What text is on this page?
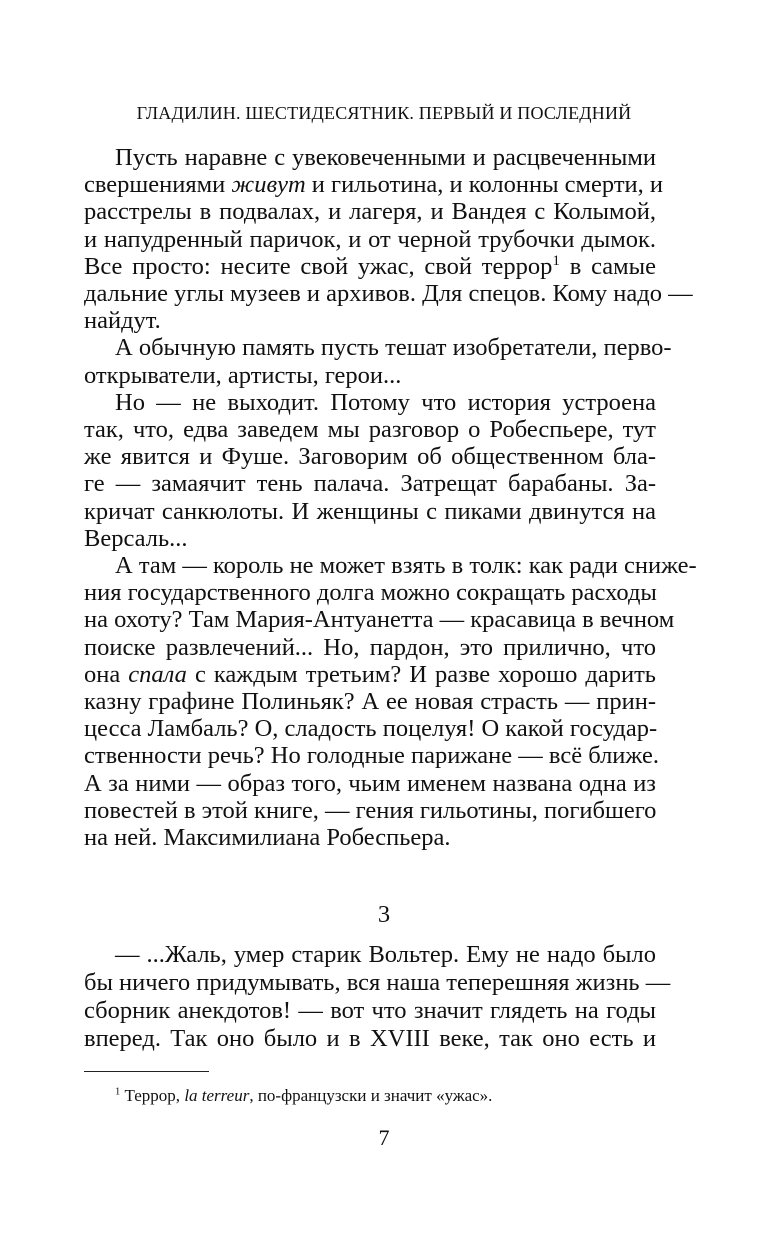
ГЛАДИЛИН. ШЕСТИДЕСЯТНИК. ПЕРВЫЙ И ПОСЛЕДНИЙ
Пусть наравне с увековеченными и расцвеченными
свершениями живут и гильотина, и колонны смерти, и
расстрелы в подвалах, и лагеря, и Вандея с Колымой,
и напудренный паричок, и от черной трубочки дымок.
Все просто: несите свой ужас, свой террор$^1$ в самые
дальние углы музеев и архивов. Для спецов. Кому надо —
найдут.
А обычную память пусть тешат изобретатели, перво-
открыватели, артисты, герои...
Но — не выходит. Потому что история устроена
так, что, едва заведем мы разговор о Робеспьере, тут
же явится и Фуше. Заговорим об общественном бла-
ге — замаячит тень палача. Затрещат барабаны. За-
кричат санкюлоты. И женщины с пиками двинутся на
Версаль...
А там — король не может взять в толк: как ради сниже-
ния государственного долга можно сокращать расходы
на охоту? Там Мария-Антуанетта — красавица в вечном
поиске развлечений... Но, пардон, это прилично, что
она спала с каждым третьим? И разве хорошо дарить
казну графине Полиньяк? А ее новая страсть — прин-
цесса Ламбаль? О, сладость поцелуя! О какой государ-
ственности речь? Но голодные парижане — всё ближе.
А за ними — образ того, чьим именем названа одна из
повестей в этой книге, — гения гильотины, погибшего
на ней. Максимилиана Робеспьера.
3
— ...Жаль, умер старик Вольтер. Ему не надо было
бы ничего придумывать, вся наша теперешняя жизнь —
сборник анекдотов! — вот что значит глядеть на годы
вперед. Так оно было и в XVIII веке, так оно есть и
$^1$ Террор, la terreur, по-французски и значит «ужас».
7
